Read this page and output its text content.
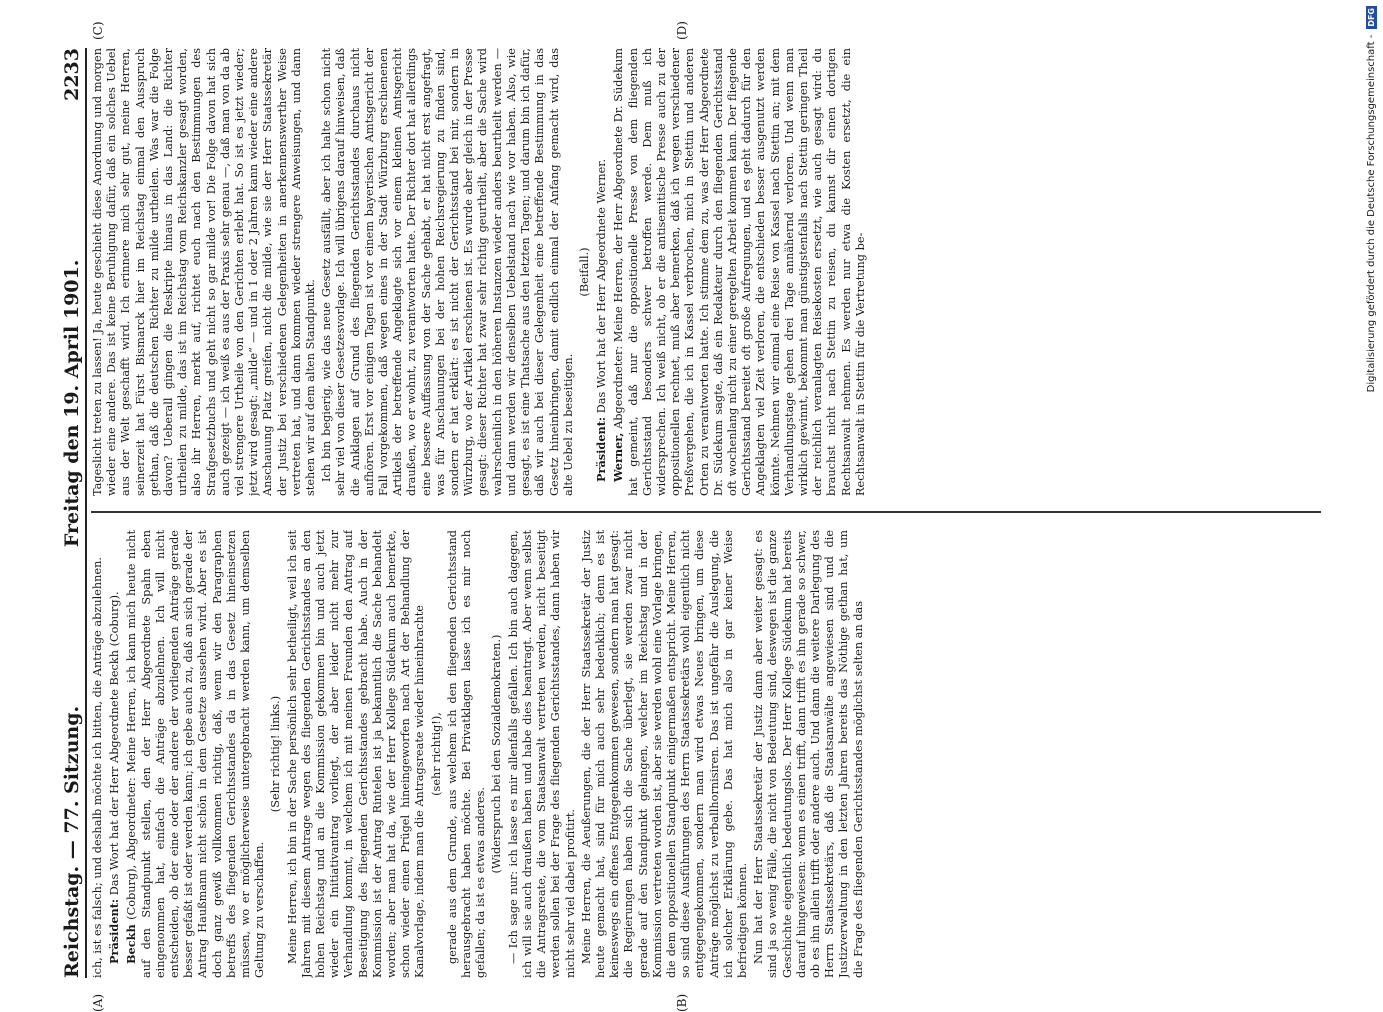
Reichstag. — 77. Sitzung.
Freitag den 19. April 1901.
2233
(A)	(B)
(C)	(D)

ich, ist es falsch; und deshalb möchte ich bitten, die Anträge abzulehnen. Präsident: Das Wort hat der Herr Abgeordnete Beckh (Coburg).

Beckh (Coburg), Abgeordneter: Meine Herren, ich kann mich heute nicht auf den Standpunkt stellen, den der Herr Abgeordnete Spahn eben eingenommen hat, einfach die Anträge abzulehnen. Ich will nicht entscheiden, ob der eine oder der andere der vorliegenden Anträge gerade besser gefaßt ist oder werden kann; ich gebe auch zu, daß an sich gerade der Antrag Haußmann nicht schön in dem Gesetze aussehen wird. Aber es ist doch ganz gewiß vollkommen richtig, daß, wenn wir den Paragraphen betreffs des fliegenden Gerichtsstandes da in das Gesetz hineinsetzen müssen, wo er möglicherweise untergebracht werden kann, um demselben Geltung zu verschaffen.

(Sehr richtig! links.) Meine Herren, ich bin in der Sache persönlich sehr betheiligt, weil ich seit Jahren mit diesem Antrage wegen des fliegenden Gerichtsstandes an den hohen Reichstag und an die Kommission gekommen bin und auch jetzt wieder ein Initiativantrag vorliegt, der aber leider nicht mehr zur Verhandlung kommt, in welchem ich mit meinen Freunden den Antrag auf Beseitigung des fliegenden Gerichtsstandes gebracht habe. Auch in der Kommission ist der Antrag Rintelen ist ja bekanntlich die Sache behandelt worden; aber man hat da, wie der Herr Kollege Südekum auch bemerkte, schon wieder einen Prügel hineingeworfen nach Art der Behandlung der Kanalvorlage, indem man die Antragsreate wieder hineinbrachte (sehr richtig!), gerade aus dem Grunde, aus welchem ich den fliegenden Gerichtsstand herausgebracht haben möchte. Bei Privatklagen lasse ich es mir noch gefallen; da ist es etwas anderes.

(Widerspruch bei den Sozialdemokraten.) — Ich sage nur: ich lasse es mir allenfalls gefallen. Ich bin auch dagegen, ich will sie auch draußen haben und habe dies beantragt. Aber wenn selbst die Antragsreate, die vom Staatsanwalt vertreten werden, nicht beseitigt werden sollen bei der Frage des fliegenden Gerichtsstandes, dann haben wir nicht sehr viel dabei profitirt. Meine Herren, die Aeußerungen, die der Herr Staatssekretär der Justiz heute gemacht hat, sind für mich auch sehr bedenklich; denn es ist keineswegs ein offenes Entgegenkommen gewesen, sondern man hat gesagt: die Regierungen haben sich die Sache überlegt, sie werden zwar nicht gerade auf den Standpunkt gelangen, welcher im Reichstag und in der Kommission vertreten worden ist, aber sie werden wohl eine Vorlage bringen, die dem oppositionellen Standpunkt einigermaßen entspricht. Meine Herren, so sind diese Ausführungen des Herrn Staatssekretärs wohl eigentlich nicht entgegengekommen, sondern man wird etwas Neues bringen, um diese Anträge möglichst zu verballhornisiren. Das ist ungefähr die Auslegung, die ich solcher Erklärung gebe. Das hat mich also in gar keiner Weise befriedigen können. Nun hat der Herr Staatssekretär der Justiz dann aber weiter gesagt: es sind ja so wenig Fälle, die nicht von Bedeutung sind, deswegen ist die ganze Geschichte eigentlich bedeutungslos. Der Herr Kollege Südekum hat bereits darauf hingewiesen: wenn es einen trifft, dann trifft es ihn gerade so schwer, ob es ihn allein trifft oder andere auch. Und dann die weitere Darlegung des Herrn Staatssekretärs, daß die Staatsanwälte angewiesen sind und die Justizverwaltung in den letzten Jahren bereits das Nöthige gethan hat, um die Frage des fliegenden Gerichtsstandes möglichst selten an das

Tageslicht treten zu lassen! Ja, heute geschieht diese Anordnung und morgen wieder eine andere. Das ist keine Beruhigung dafür, daß ein solches Uebel aus der Welt geschafft wird. Ich erinnere mich sehr gut, meine Herren, seinerzeit hat Fürst Bismarck hier im Reichstag einmal den Ausspruch gethan, daß die deutschen Richter zu milde urtheilen. Was war die Folge davon? Ueberall gingen die Reskripte hinaus in das Land: die Richter urtheilen zu milde, das ist im Reichstag vom Reichskanzler gesagt worden, also ihr Herren, merkt auf, richtet euch nach den Bestimmungen des Strafgesetzbuchs und geht nicht so gar milde vor! Die Folge davon hat sich auch gezeigt — ich weiß es aus der Praxis sehr genau —, daß man von da ab viel strengere Urtheile von den Gerichten erlebt hat. So ist es jetzt wieder; jetzt wird gesagt: „milde“ — und in 1 oder 2 Jahren kann wieder eine andere Anschauung Platz greifen, nicht die milde, wie sie der Herr Staatssekretär der Justiz bei verschiedenen Gelegenheiten in anerkennenswerther Weise vertreten hat, und dann kommen wieder strengere Anweisungen, und dann stehen wir auf dem alten Standpunkt. Ich bin begierig, wie das neue Gesetz ausfällt, aber ich halte schon nicht sehr viel von dieser Gesetzesvorlage. Ich will übrigens darauf hinweisen, daß die Anklagen auf Grund des fliegenden Gerichtsstandes durchaus nicht aufhören. Erst vor einigen Tagen ist vor einem bayerischen Amtsgericht der Fall vorgekommen, daß wegen eines in der Stadt Würzburg erschienenen Artikels der betreffende Angeklagte sich vor einem kleinen Amtsgericht draußen, wo er wohnt, zu verantworten hatte. Der Richter dort hat allerdings eine bessere Auffassung von der Sache gehabt, er hat nicht erst angefragt, was für Anschauungen bei der hohen Reichsregierung zu finden sind, sondern er hat erklärt: es ist nicht der Gerichtsstand bei mir, sondern in Würzburg, wo der Artikel erschienen ist. Es wurde aber gleich in der Presse gesagt: dieser Richter hat zwar sehr richtig geurtheilt, aber die Sache wird wahrscheinlich in den höheren Instanzen wieder anders beurtheilt werden — und dann werden wir denselben Uebelstand nach wie vor haben. Also, wie gesagt, es ist eine Thatsache aus den letzten Tagen; und darum bin ich dafür, daß wir auch bei dieser Gelegenheit eine betreffende Bestimmung in das Gesetz hineinbringen, damit endlich einmal der Anfang gemacht wird, das alte Uebel zu beseitigen.

(Beifall.)

Präsident: Das Wort hat der Herr Abgeordnete Werner.

Werner, Abgeordneter: Meine Herren, der Herr Abgeordnete Dr. Südekum hat gemeint, daß nur die oppositionelle Presse von dem fliegenden Gerichtsstand besonders schwer betroffen werde. Dem muß ich widersprechen. Ich weiß nicht, ob er die antisemitische Presse auch zu der oppositionellen rechnet, muß aber bemerken, daß ich wegen verschiedener Preßvergehen, die ich in Kassel verbrochen, mich in Stettin und anderen Orten zu verantworten hatte. Ich stimme dem zu, was der Herr Abgeordnete Dr. Südekum sagte, daß ein Redakteur durch den fliegenden Gerichtsstand oft wochenlang nicht zu einer geregelten Arbeit kommen kann. Der fliegende Gerichtsstand bereitet oft große Aufregungen, und es geht dadurch für den Angeklagten viel Zeit verloren, die entschieden besser ausgenutzt werden könnte. Nehmen wir einmal eine Reise von Kassel nach Stettin an; mit dem Verhandlungstage gehen drei Tage annähernd verloren. Und wenn man wirklich gewinnt, bekommt man günstigstenfalls nach Stettin geringen Theil der reichlich veranlagten Reisekosten ersetzt, wie auch gesagt wird: du brauchst nicht nach Stettin zu reisen, du kannst dir einen dortigen Rechtsanwalt nehmen. Es werden nur etwa die Kosten ersetzt, die ein Rechtsanwalt in Stettin für die Vertretung be-	Digitalisierung gefördert durch die Deutsche Forschungsgemeinschaft -
DFG
